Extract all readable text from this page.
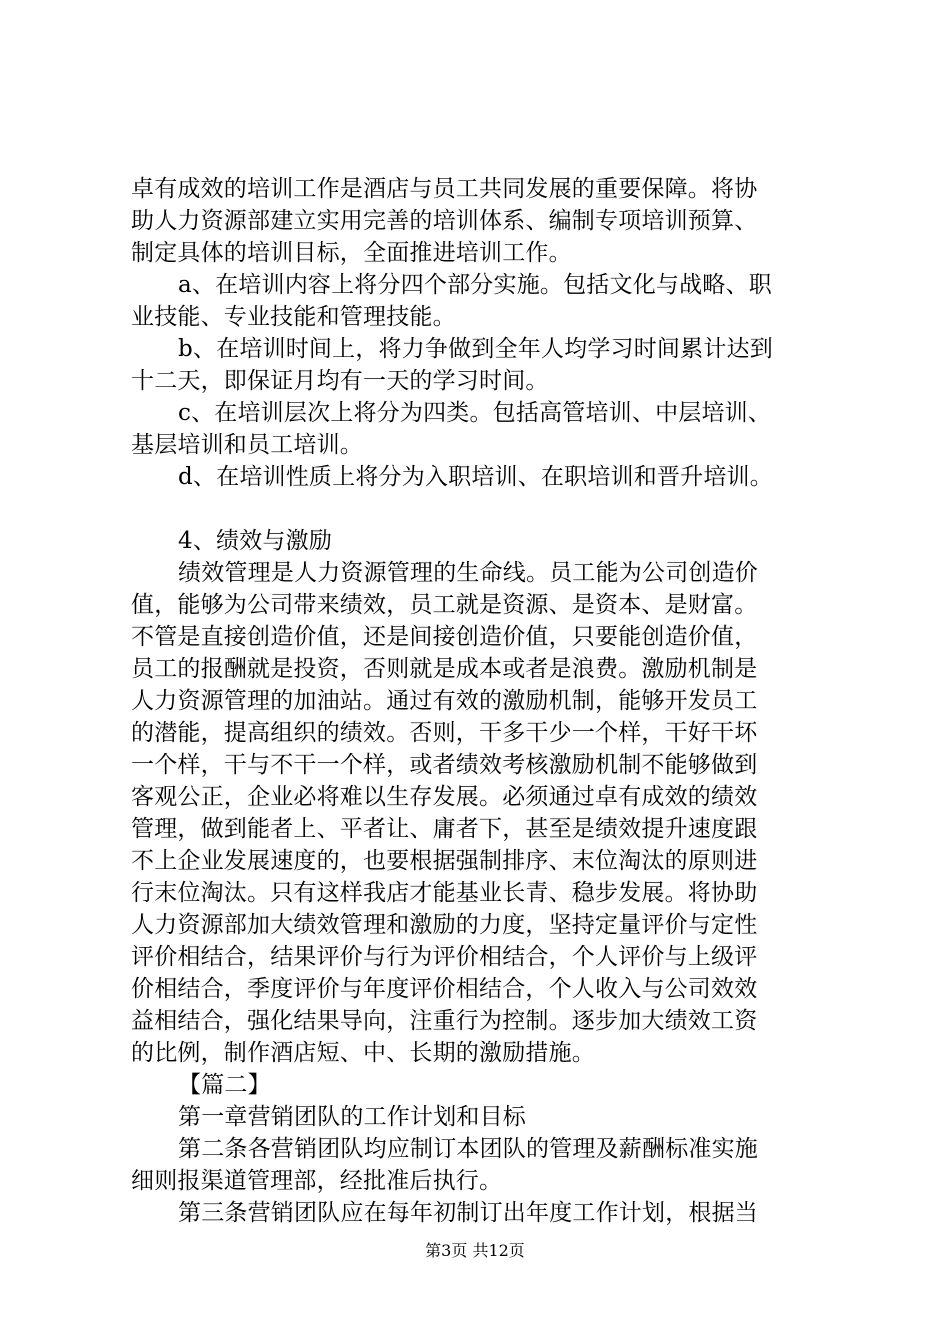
卓有成效的培训工作是酒店与员工共同发展的重要保障。将协
助人力资源部建立实用完善的培训体系、编制专项培训预算、
制定具体的培训目标，全面推进培训工作。
a、在培训内容上将分四个部分实施。包括文化与战略、职
业技能、专业技能和管理技能。
b、在培训时间上，将力争做到全年人均学习时间累计达到
十二天，即保证月均有一天的学习时间。
c、在培训层次上将分为四类。包括高管培训、中层培训、
基层培训和员工培训。
d、在培训性质上将分为入职培训、在职培训和晋升培训。
4、绩效与激励
绩效管理是人力资源管理的生命线。员工能为公司创造价
值，能够为公司带来绩效，员工就是资源、是资本、是财富。
不管是直接创造价值，还是间接创造价值，只要能创造价值，
员工的报酬就是投资，否则就是成本或者是浪费。激励机制是
人力资源管理的加油站。通过有效的激励机制，能够开发员工
的潜能，提高组织的绩效。否则，干多干少一个样，干好干坏
一个样，干与不干一个样，或者绩效考核激励机制不能够做到
客观公正，企业必将难以生存发展。必须通过卓有成效的绩效
管理，做到能者上、平者让、庸者下，甚至是绩效提升速度跟
不上企业发展速度的，也要根据强制排序、末位淘汰的原则进
行末位淘汰。只有这样我店才能基业长青、稳步发展。将协助
人力资源部加大绩效管理和激励的力度，坚持定量评价与定性
评价相结合，结果评价与行为评价相结合，个人评价与上级评
价相结合，季度评价与年度评价相结合，个人收入与公司效效
益相结合，强化结果导向，注重行为控制。逐步加大绩效工资
的比例，制作酒店短、中、长期的激励措施。
【篇二】
第一章营销团队的工作计划和目标
第二条各营销团队均应制订本团队的管理及薪酬标准实施
细则报渠道管理部，经批准后执行。
第三条营销团队应在每年初制订出年度工作计划，根据当
第3页 共12页
